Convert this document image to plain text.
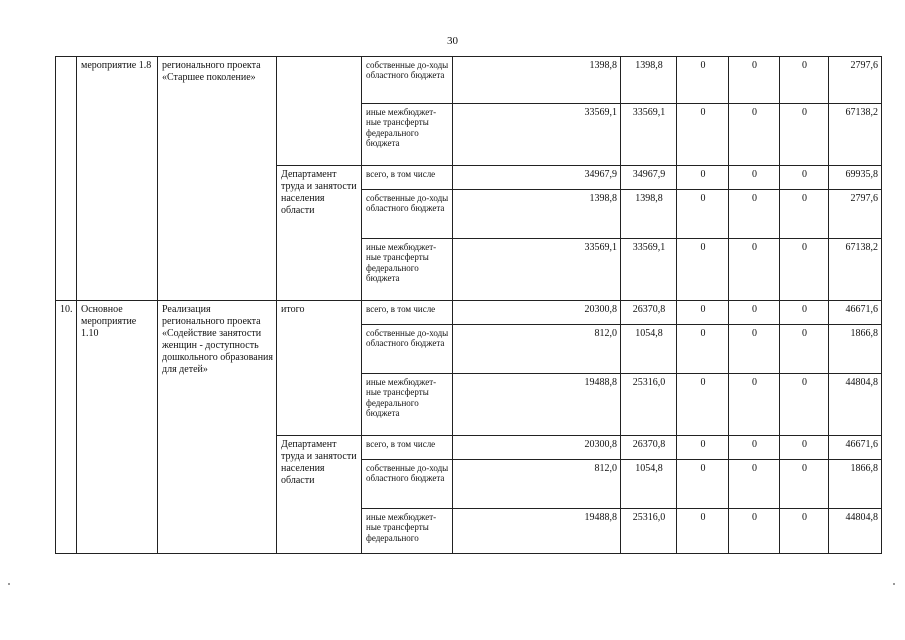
30
	мероприятие 1.8	регионального проекта «Старшее поколение»		собственные до-ходы областного бюджета	1398,8	1398,8	0	0	0	2797,6
				иные межбюджет-ные трансферты федерального бюджета	33569,1	33569,1	0	0	0	67138,2
			Департамент труда и занятости населения области	всего, в том числе	34967,9	34967,9	0	0	0	69935,8
				собственные до-ходы областного бюджета	1398,8	1398,8	0	0	0	2797,6
				иные межбюджет-ные трансферты федерального бюджета	33569,1	33569,1	0	0	0	67138,2
10.	Основное мероприятие 1.10	Реализация регионального проекта «Содействие занятости женщин - доступность дошкольного образования для детей»	итого	всего, в том числе	20300,8	26370,8	0	0	0	46671,6
				собственные до-ходы областного бюджета	812,0	1054,8	0	0	0	1866,8
				иные межбюджет-ные трансферты федерального бюджета	19488,8	25316,0	0	0	0	44804,8
			Департамент труда и занятости населения области	всего, в том числе	20300,8	26370,8	0	0	0	46671,6
				собственные до-ходы областного бюджета	812,0	1054,8	0	0	0	1866,8
				иные межбюджет-ные трансферты федерального	19488,8	25316,0	0	0	0	44804,8
